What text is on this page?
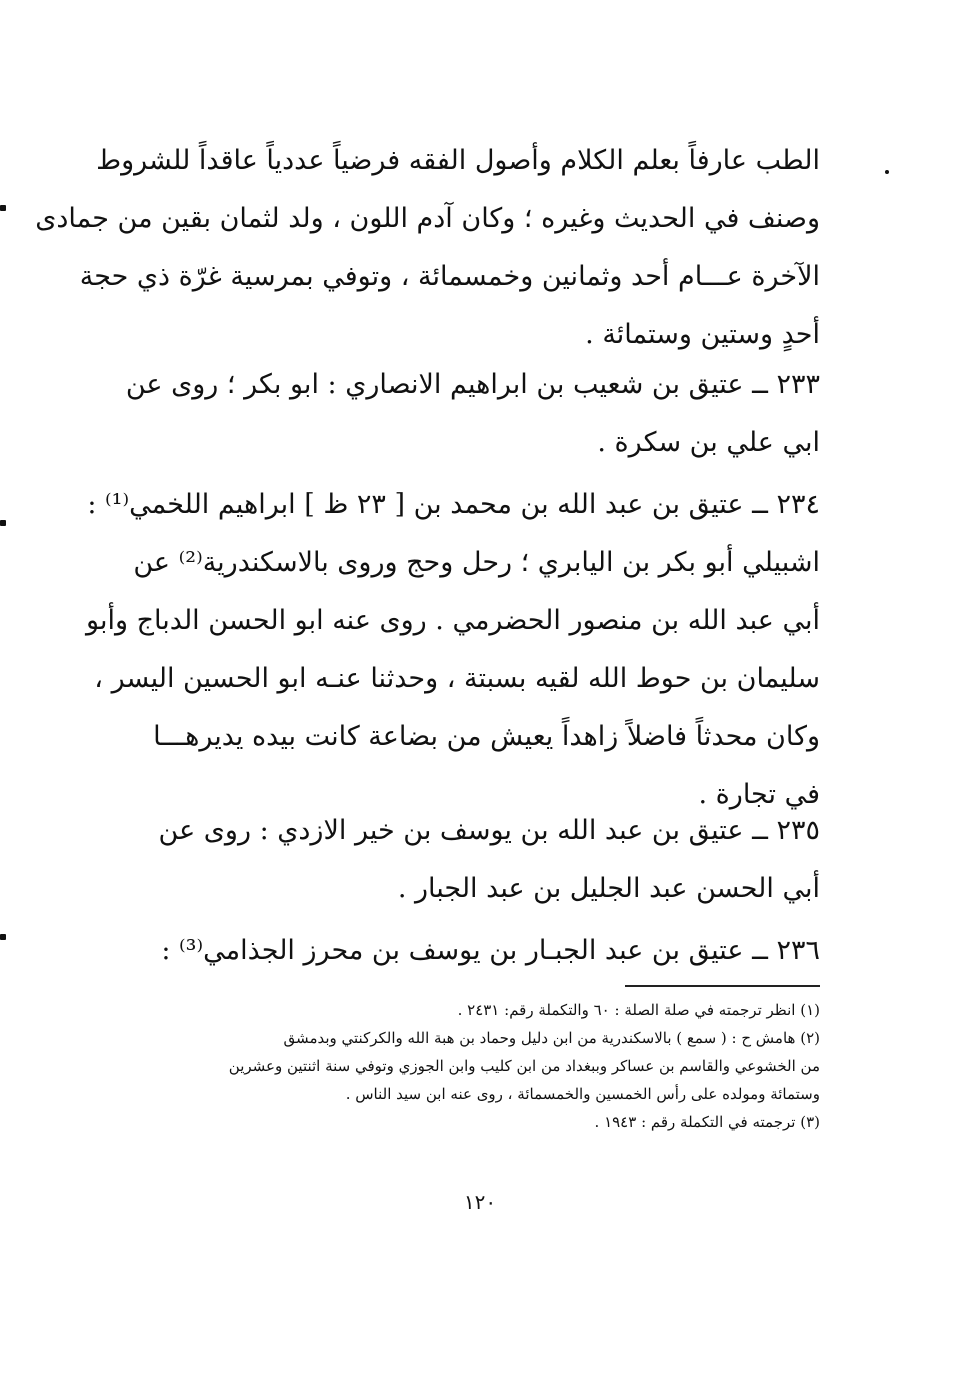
الطب عارفاً بعلم الكلام وأصول الفقه فرضياً عددياً عاقداً للشروط
وصنف في الحديث وغيره ؛ وكان آدم اللون ، ولد لثمان بقين من جمادى
الآخرة عـــام أحد وثمانين وخمسمائة ، وتوفي بمرسية غرّة ذي حجة
أحدٍ وستين وستمائة .
٢٣٣ ــ عتيق بن شعيب بن ابراهيم الانصاري : ابو بكر ؛ روى عن
ابي علي بن سكرة .
٢٣٤ ــ عتيق بن عبد الله بن محمد بن [ ٢٣ ظ ] ابراهيم اللخمي⁽¹⁾ :
اشبيلي أبو بكر بن اليابري ؛ رحل وحج وروى بالاسكندرية⁽²⁾ عن
أبي عبد الله بن منصور الحضرمي . روى عنه ابو الحسن الدباج وأبو
سليمان بن حوط الله لقيه بسبتة ، وحدثنا عنـه ابو الحسين اليسر ،
وكان محدثاً فاضلاً زاهداً يعيش من بضاعة كانت بيده يديرهـــا
في تجارة .
٢٣٥ ــ عتيق بن عبد الله بن يوسف بن خير الازدي : روى عن
أبي الحسن عبد الجليل بن عبد الجبار .
٢٣٦ ــ عتيق بن عبد الجبـار بن يوسف بن محرز الجذامي⁽³⁾ :
(١) انظر ترجمته في صلة الصلة : ٦٠ والتكملة رقم: ٢٤٣١ .
(٢) هامش ح : ( سمع ) بالاسكندرية من ابن دليل وحماد بن هبة الله والكركنتي وبدمشق
من الخشوعي والقاسم بن عساكر وببغداد من ابن كليب وابن الجوزي وتوفي سنة اثنتين وعشرين
وستمائة ومولده على رأس الخمسين والخمسمائة ، روى عنه ابن سيد الناس .
(٣) ترجمته في التكملة رقم : ١٩٤٣ .
١٢٠
